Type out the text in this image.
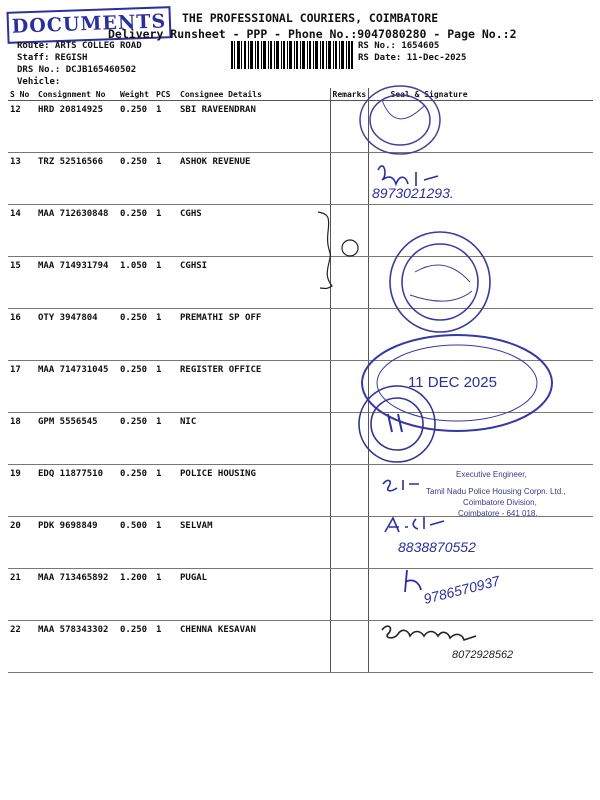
DOCUMENTS	THE PROFESSIONAL COURIERS, COIMBATORE
Delivery Runsheet - PPP - Phone No.:9047080280 - Page No.:2
Route: ARTS COLLEG ROAD
Staff: REGISH
DRS No.: DCJB165460502
Vehicle:
RS No.: 1654605
RS Date: 11-Dec-2025
S No	Consignment No	Weight	PCS	Consignee Details	Remarks	Seal & Signature
12	HRD 20814925	0.250	1	SBI RAVEENDRAN		
13	TRZ 52516566	0.250	1	ASHOK REVENUE		
14	MAA 712630848	0.250	1	CGHS		
15	MAA 714931794	1.050	1	CGHSI		
16	OTY 3947804	0.250	1	PREMATHI SP OFF		
17	MAA 714731045	0.250	1	REGISTER OFFICE		
18	GPM 5556545	0.250	1	NIC		
19	EDQ 11877510	0.250	1	POLICE HOUSING		
20	PDK 9698849	0.500	1	SELVAM		
21	MAA 713465892	1.200	1	PUGAL		
22	MAA 578343302	0.250	1	CHENNA KESAVAN		
11 DEC 2025
8973021293.
Executive Engineer,
Tamil Nadu Police Housing Corpn. Ltd.,
Coimbatore Division,
Coimbatore - 641 018.
8838870552
9786570937
8072928562
